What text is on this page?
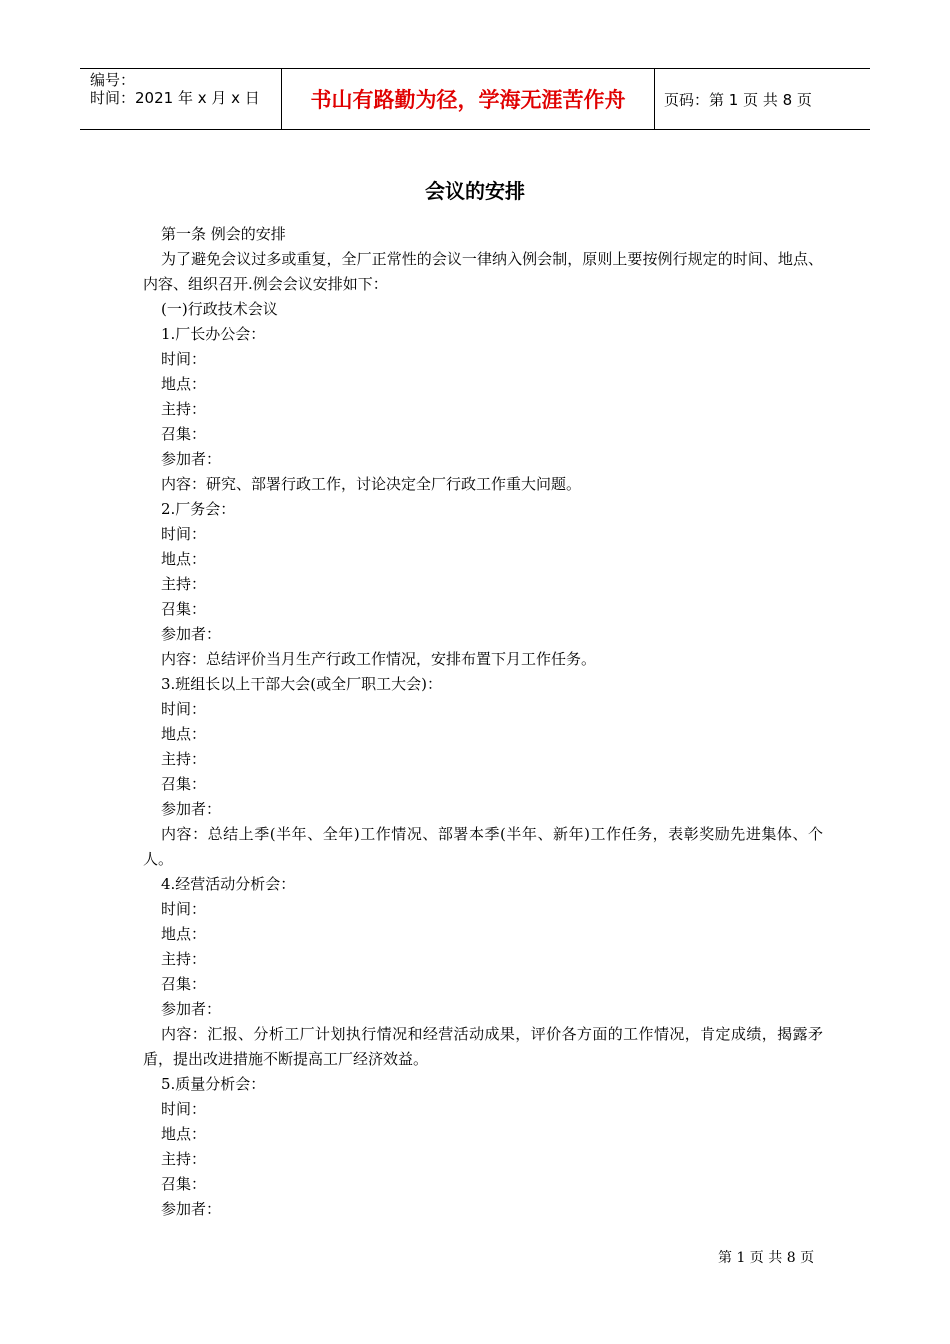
编号：
时间：2021 年 x 月 x 日	书山有路勤为径，学海无涯苦作舟	页码：第 1 页 共 8 页
会议的安排

第一条 例会的安排

为了避免会议过多或重复，全厂正常性的会议一律纳入例会制，原则上要按例行规定的时间、地点、内容、组织召开.例会会议安排如下：

(一)行政技术会议

1.厂长办公会：

时间：

地点：

主持：

召集：

参加者：

内容：研究、部署行政工作，讨论决定全厂行政工作重大问题。

2.厂务会：

时间：

地点：

主持：

召集：

参加者：

内容：总结评价当月生产行政工作情况，安排布置下月工作任务。

3.班组长以上干部大会(或全厂职工大会)：

时间：

地点：

主持：

召集：

参加者：

内容：总结上季(半年、全年)工作情况、部署本季(半年、新年)工作任务，表彰奖励先进集体、个人。

4.经营活动分析会：

时间：

地点：

主持：

召集：

参加者：

内容：汇报、分析工厂计划执行情况和经营活动成果，评价各方面的工作情况，肯定成绩，揭露矛盾，提出改进措施不断提高工厂经济效益。

5.质量分析会：

时间：

地点：

主持：

召集：

参加者：

第 1 页 共 8 页
